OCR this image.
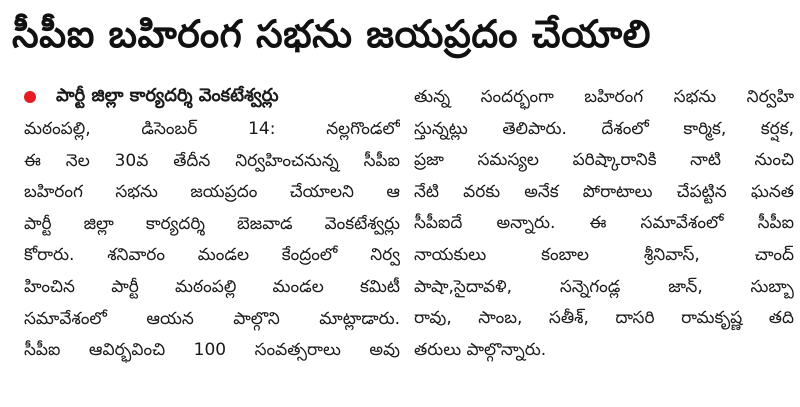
సీపీఐ బహిరంగ సభను జయప్రదం చేయాలి
పార్టీ జిల్లా కార్యదర్శి వెంకటేశ్వర్లు
మఠంపల్లి, డిసెంబర్ 14: నల్లగొండలో
ఈ నెల 30వ తేదీన నిర్వహించనున్న సీపీఐ
బహిరంగ సభను జయప్రదం చేయాలని ఆ
పార్టీ జిల్లా కార్యదర్శి బెజవాడ వెంకటేశ్వర్లు
కోరారు. శనివారం మండల కేంద్రంలో నిర్వ
హించిన పార్టీ మఠంపల్లి మండల కమిటీ
సమావేశంలో ఆయన పాల్గొని మాట్లాడారు.
సీపీఐ ఆవిర్భవించి 100 సంవత్సరాలు అవు
తున్న సందర్భంగా బహిరంగ సభను నిర్వహి
స్తున్నట్లు తెలిపారు. దేశంలో కార్మిక, కర్షక,
ప్రజా సమస్యల పరిష్కారానికి నాటి నుంచి
నేటి వరకు అనేక పోరాటాలు చేపట్టిన ఘనత
సీపీఐదే అన్నారు. ఈ సమావేశంలో సీపీఐ
నాయకులు కంబాల శ్రీనివాస్, చాంద్
పాషా,సైదావళి, సన్నెగండ్ల జాన్, సుబ్బా
రావు, సాంబ, సతీశ్, దాసరి రామకృష్ణ తది
తరులు పాల్గొన్నారు.
